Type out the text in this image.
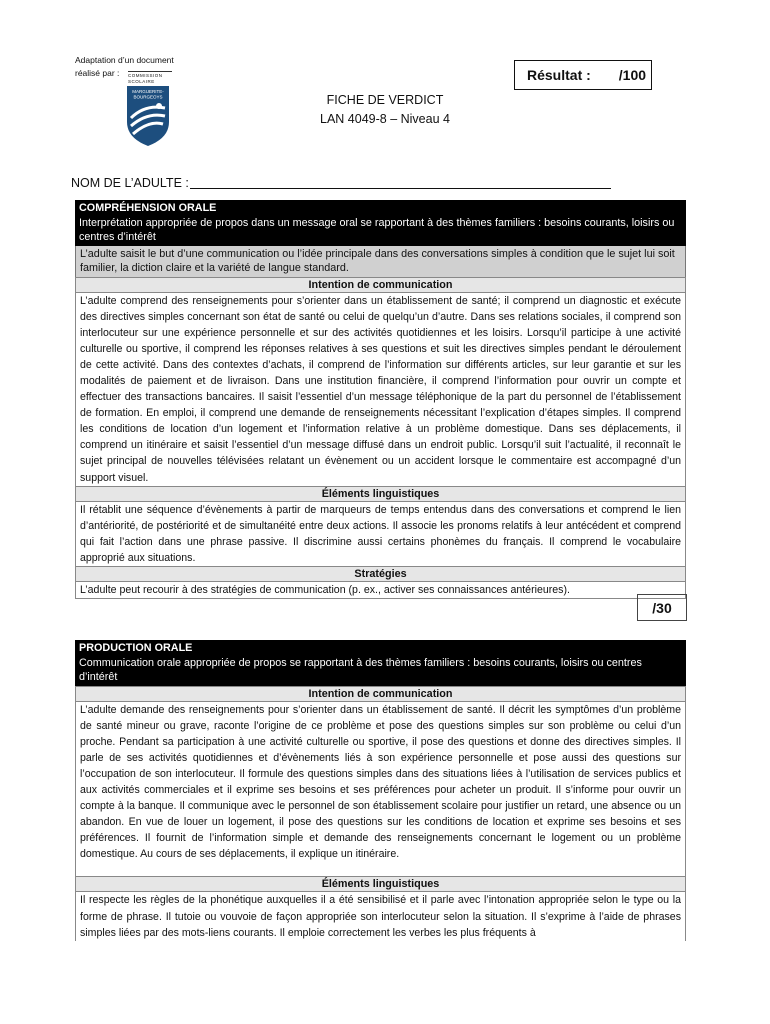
Adaptation d’un document
réalisé par :	COMMISSION
SCOLAIRE
MARGUERITE-
BOURGEOYS
Résultat : /100
FICHE DE VERDICT
LAN 4049-8 – Niveau 4
NOM DE L’ADULTE :
COMPRÉHENSION ORALE
Interprétation appropriée de propos dans un message oral se rapportant à des thèmes familiers : besoins courants, loisirs ou centres d’intérêt
L’adulte saisit le but d’une communication ou l’idée principale dans des conversations simples à condition que le sujet lui soit familier, la diction claire et la variété de langue standard.
Intention de communication
L’adulte comprend des renseignements pour s’orienter dans un établissement de santé; il comprend un diagnostic et exécute des directives simples concernant son état de santé ou celui de quelqu’un d’autre. Dans ses relations sociales, il comprend son interlocuteur sur une expérience personnelle et sur des activités quotidiennes et les loisirs. Lorsqu’il participe à une activité culturelle ou sportive, il comprend les réponses relatives à ses questions et suit les directives simples pendant le déroulement de cette activité. Dans des contextes d’achats, il comprend de l’information sur différents articles, sur leur garantie et sur les modalités de paiement et de livraison. Dans une institution financière, il comprend l’information pour ouvrir un compte et effectuer des transactions bancaires. Il saisit l’essentiel d’un message téléphonique de la part du personnel de l’établissement de formation. En emploi, il comprend une demande de renseignements nécessitant l’explication d’étapes simples. Il comprend les conditions de location d’un logement et l’information relative à un problème domestique. Dans ses déplacements, il comprend un itinéraire et saisit l’essentiel d’un message diffusé dans un endroit public. Lorsqu’il suit l’actualité, il reconnaît le sujet principal de nouvelles télévisées relatant un évènement ou un accident lorsque le commentaire est accompagné d’un support visuel.
Éléments linguistiques
Il rétablit une séquence d’évènements à partir de marqueurs de temps entendus dans des conversations et comprend le lien d’antériorité, de postériorité et de simultanéité entre deux actions. Il associe les pronoms relatifs à leur antécédent et comprend qui fait l’action dans une phrase passive. Il discrimine aussi certains phonèmes du français. Il comprend le vocabulaire approprié aux situations.
Stratégies
L’adulte peut recourir à des stratégies de communication (p. ex., activer ses connaissances antérieures).
/30
PRODUCTION ORALE
Communication orale appropriée de propos se rapportant à des thèmes familiers : besoins courants, loisirs ou centres d’intérêt
Intention de communication
L’adulte demande des renseignements pour s’orienter dans un établissement de santé. Il décrit les symptômes d’un problème de santé mineur ou grave, raconte l’origine de ce problème et pose des questions simples sur son problème ou celui d’un proche. Pendant sa participation à une activité culturelle ou sportive, il pose des questions et donne des directives simples. Il parle de ses activités quotidiennes et d’évènements liés à son expérience personnelle et pose aussi des questions sur l’occupation de son interlocuteur. Il formule des questions simples dans des situations liées à l’utilisation de services publics et aux activités commerciales et il exprime ses besoins et ses préférences pour acheter un produit. Il s’informe pour ouvrir un compte à la banque. Il communique avec le personnel de son établissement scolaire pour justifier un retard, une absence ou un abandon. En vue de louer un logement, il pose des questions sur les conditions de location et exprime ses besoins et ses préférences. Il fournit de l’information simple et demande des renseignements concernant le logement ou un problème domestique. Au cours de ses déplacements, il explique un itinéraire.
Éléments linguistiques
Il respecte les règles de la phonétique auxquelles il a été sensibilisé et il parle avec l’intonation appropriée selon le type ou la forme de phrase. Il tutoie ou vouvoie de façon appropriée son interlocuteur selon la situation. Il s’exprime à l’aide de phrases simples liées par des mots-liens courants. Il emploie correctement les verbes les plus fréquents à
